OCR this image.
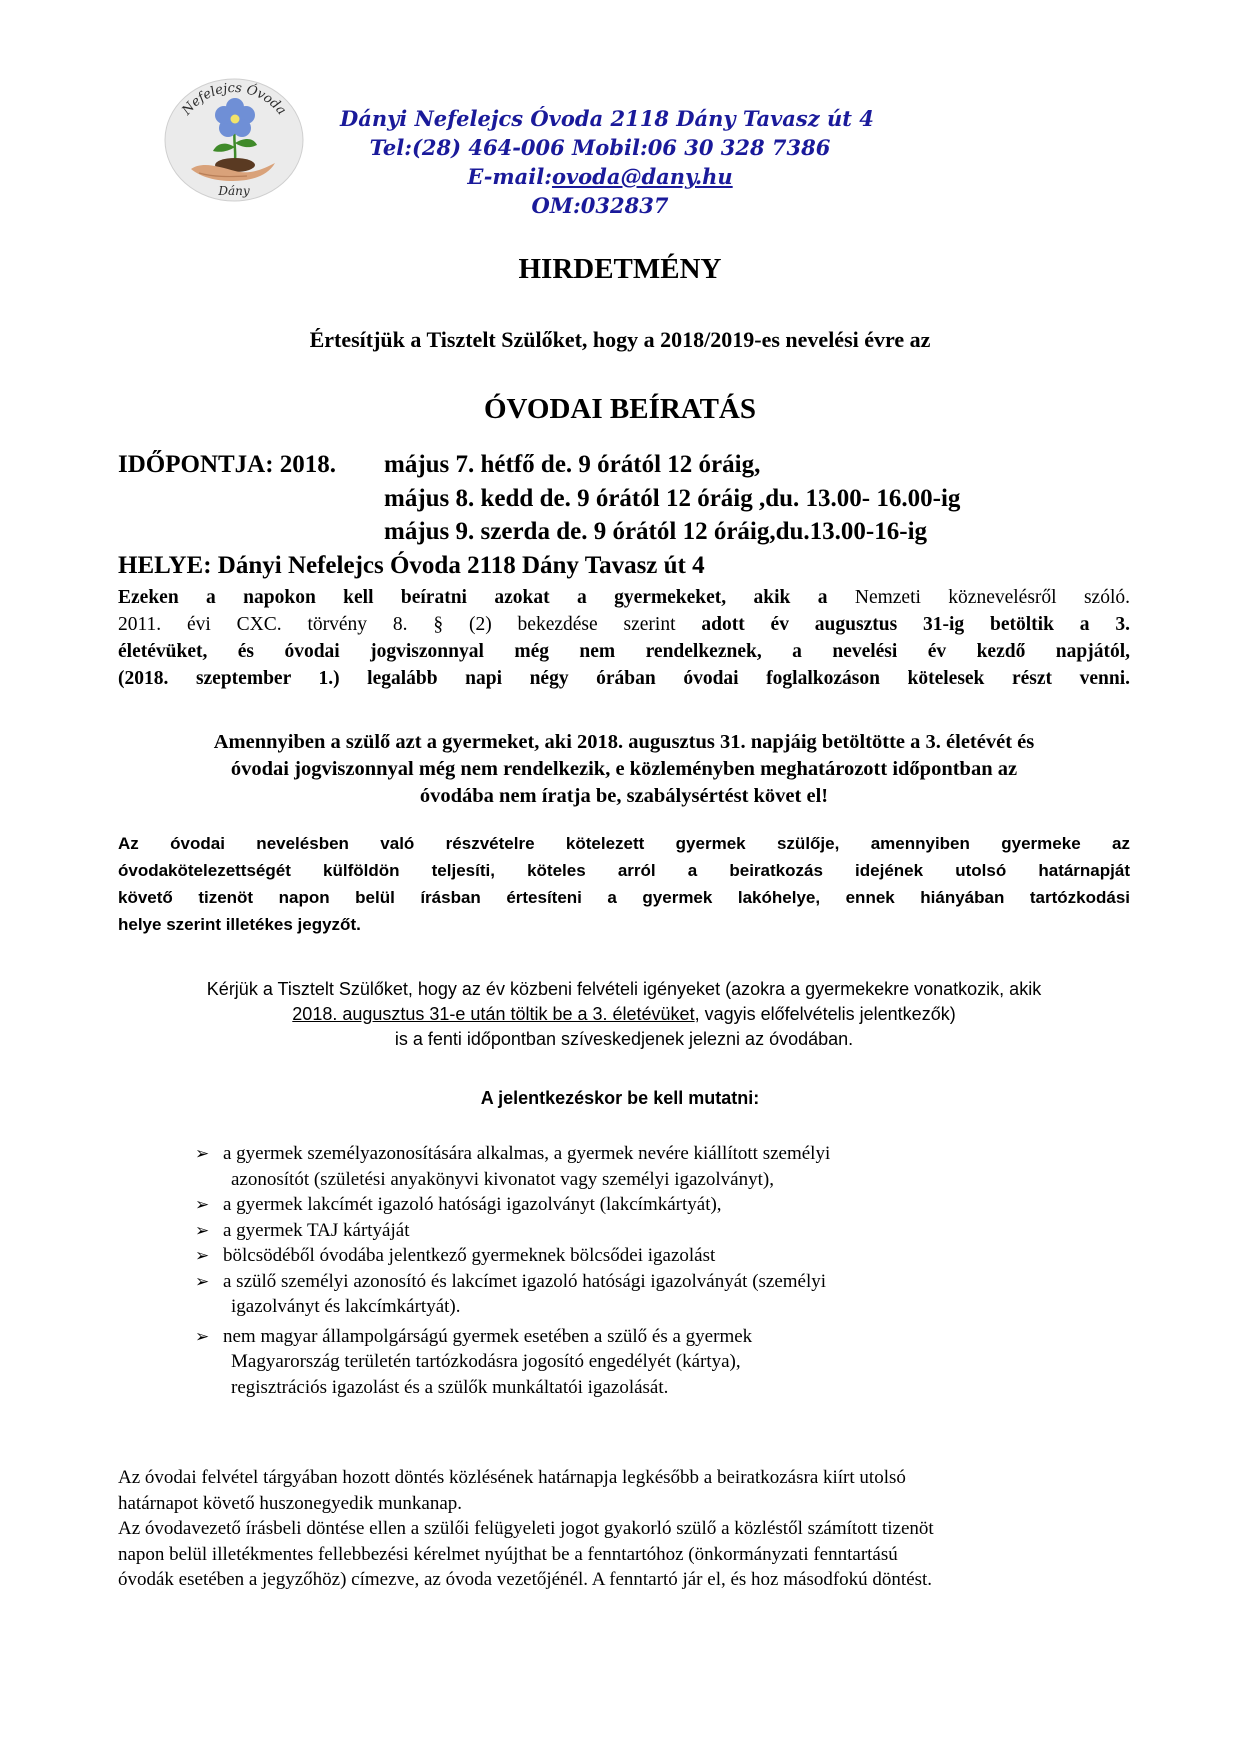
Nefelejcs Óvoda
Dány
Dányi Nefelejcs Óvoda 2118 Dány Tavasz út 4
Tel:(28) 464-006 Mobil:06 30 328 7386
E-mail:ovoda@dany.hu
OM:032837
HIRDETMÉNY
Értesítjük a Tisztelt Szülőket, hogy a 2018/2019-es nevelési évre az
ÓVODAI BEÍRATÁS
IDŐPONTJA: 2018. május 7. hétfő de. 9 órától 12 óráig,
május 8. kedd de. 9 órától 12 óráig ,du. 13.00- 16.00-ig
május 9. szerda de. 9 órától 12 óráig,du.13.00-16-ig
HELYE: Dányi Nefelejcs Óvoda 2118 Dány Tavasz út 4
Ezeken a napokon kell beíratni azokat a gyermekeket, akik a Nemzeti köznevelésről szóló.
2011. évi CXC. törvény 8. § (2) bekezdése szerint adott év augusztus 31-ig betöltik a 3.
életévüket, és óvodai jogviszonnyal még nem rendelkeznek, a nevelési év kezdő napjától,
(2018. szeptember 1.) legalább napi négy órában óvodai foglalkozáson kötelesek részt venni.
Amennyiben a szülő azt a gyermeket, aki 2018. augusztus 31. napjáig betöltötte a 3. életévét és
óvodai jogviszonnyal még nem rendelkezik, e közleményben meghatározott időpontban az
óvodába nem íratja be, szabálysértést követ el!
Az óvodai nevelésben való részvételre kötelezett gyermek szülője, amennyiben gyermeke az
óvodakötelezettségét külföldön teljesíti, köteles arról a beiratkozás idejének utolsó határnapját
követő tizenöt napon belül írásban értesíteni a gyermek lakóhelye, ennek hiányában tartózkodási
helye szerint illetékes jegyzőt.
Kérjük a Tisztelt Szülőket, hogy az év közbeni felvételi igényeket (azokra a gyermekekre vonatkozik, akik
2018. augusztus 31-e után töltik be a 3. életévüket, vagyis előfelvételis jelentkezők)
is a fenti időpontban szíveskedjenek jelezni az óvodában.
A jelentkezéskor be kell mutatni:
➢ a gyermek személyazonosítására alkalmas, a gyermek nevére kiállított személyi
azonosítót (születési anyakönyvi kivonatot vagy személyi igazolványt),
➢ a gyermek lakcímét igazoló hatósági igazolványt (lakcímkártyát),
➢ a gyermek TAJ kártyáját
➢ bölcsödéből óvodába jelentkező gyermeknek bölcsődei igazolást
➢ a szülő személyi azonosító és lakcímet igazoló hatósági igazolványát (személyi
igazolványt és lakcímkártyát).
➢ nem magyar állampolgárságú gyermek esetében a szülő és a gyermek
Magyarország területén tartózkodásra jogosító engedélyét (kártya),
regisztrációs igazolást és a szülők munkáltatói igazolását.
Az óvodai felvétel tárgyában hozott döntés közlésének határnapja legkésőbb a beiratkozásra kiírt utolsó
határnapot követő huszonegyedik munkanap.
Az óvodavezető írásbeli döntése ellen a szülői felügyeleti jogot gyakorló szülő a közléstől számított tizenöt
napon belül illetékmentes fellebbezési kérelmet nyújthat be a fenntartóhoz (önkormányzati fenntartású
óvodák esetében a jegyzőhöz) címezve, az óvoda vezetőjénél. A fenntartó jár el, és hoz másodfokú döntést.
